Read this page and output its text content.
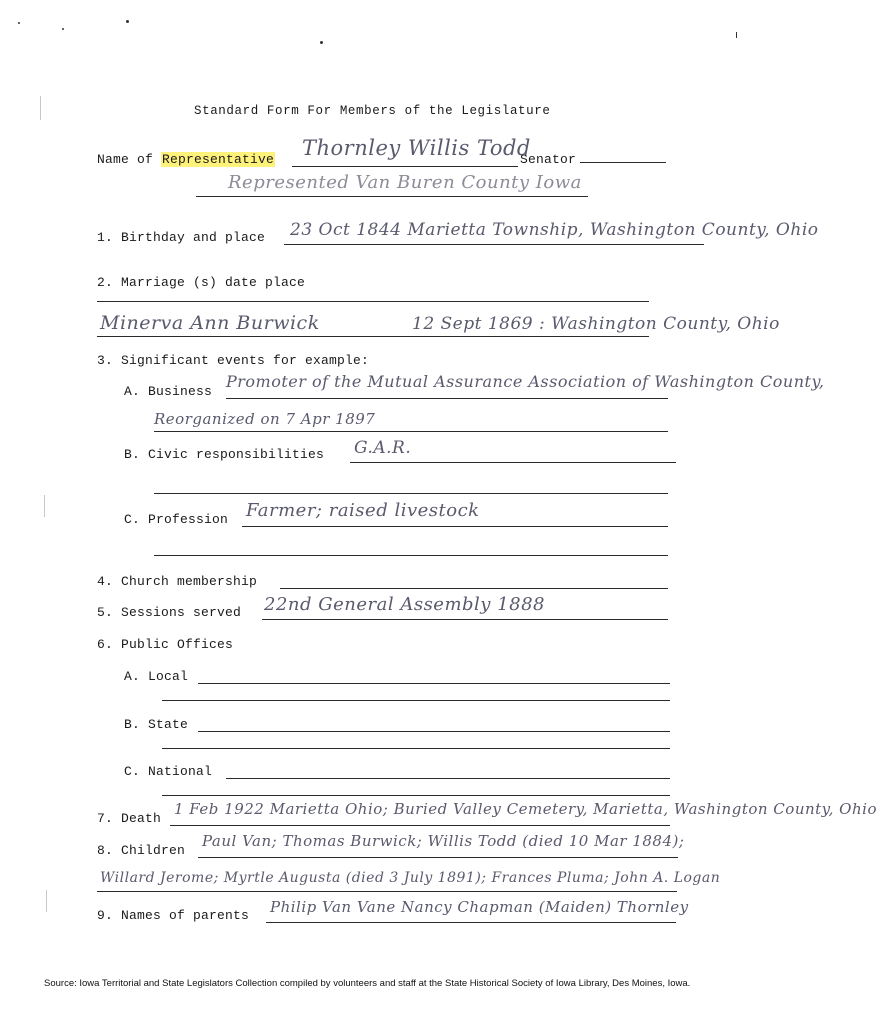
Standard Form For Members of the Legislature
Name of Representative Thornley Willis Todd
Senator
Represented Van Buren County Iowa
1. Birthday and place 23 Oct 1844 Marietta Township, Washington County, Ohio
2. Marriage (s) date place
Minerva Ann Burwick	12 Sept 1869 : Washington County, Ohio
3. Significant events for example:
A. Business
Promoter of the Mutual Assurance Association of Washington County,
Reorganized on 7 Apr 1897
B. Civic responsibilities G.A.R.
C. Profession Farmer; raised livestock
4. Church membership
5. Sessions served 22nd General Assembly 1888
6. Public Offices
A. Local
B. State
C. National
7. Death
1 Feb 1922 Marietta Ohio; Buried Valley Cemetery, Marietta, Washington County, Ohio
8. Children
Paul Van; Thomas Burwick; Willis Todd (died 10 Mar 1884);
Willard Jerome; Myrtle Augusta (died 3 July 1891); Frances Pluma; John A. Logan
9. Names of parents Philip Van Vane Nancy Chapman (Maiden) Thornley
Source: Iowa Territorial and State Legislators Collection compiled by volunteers and staff at the State Historical Society of Iowa Library, Des Moines, Iowa.
